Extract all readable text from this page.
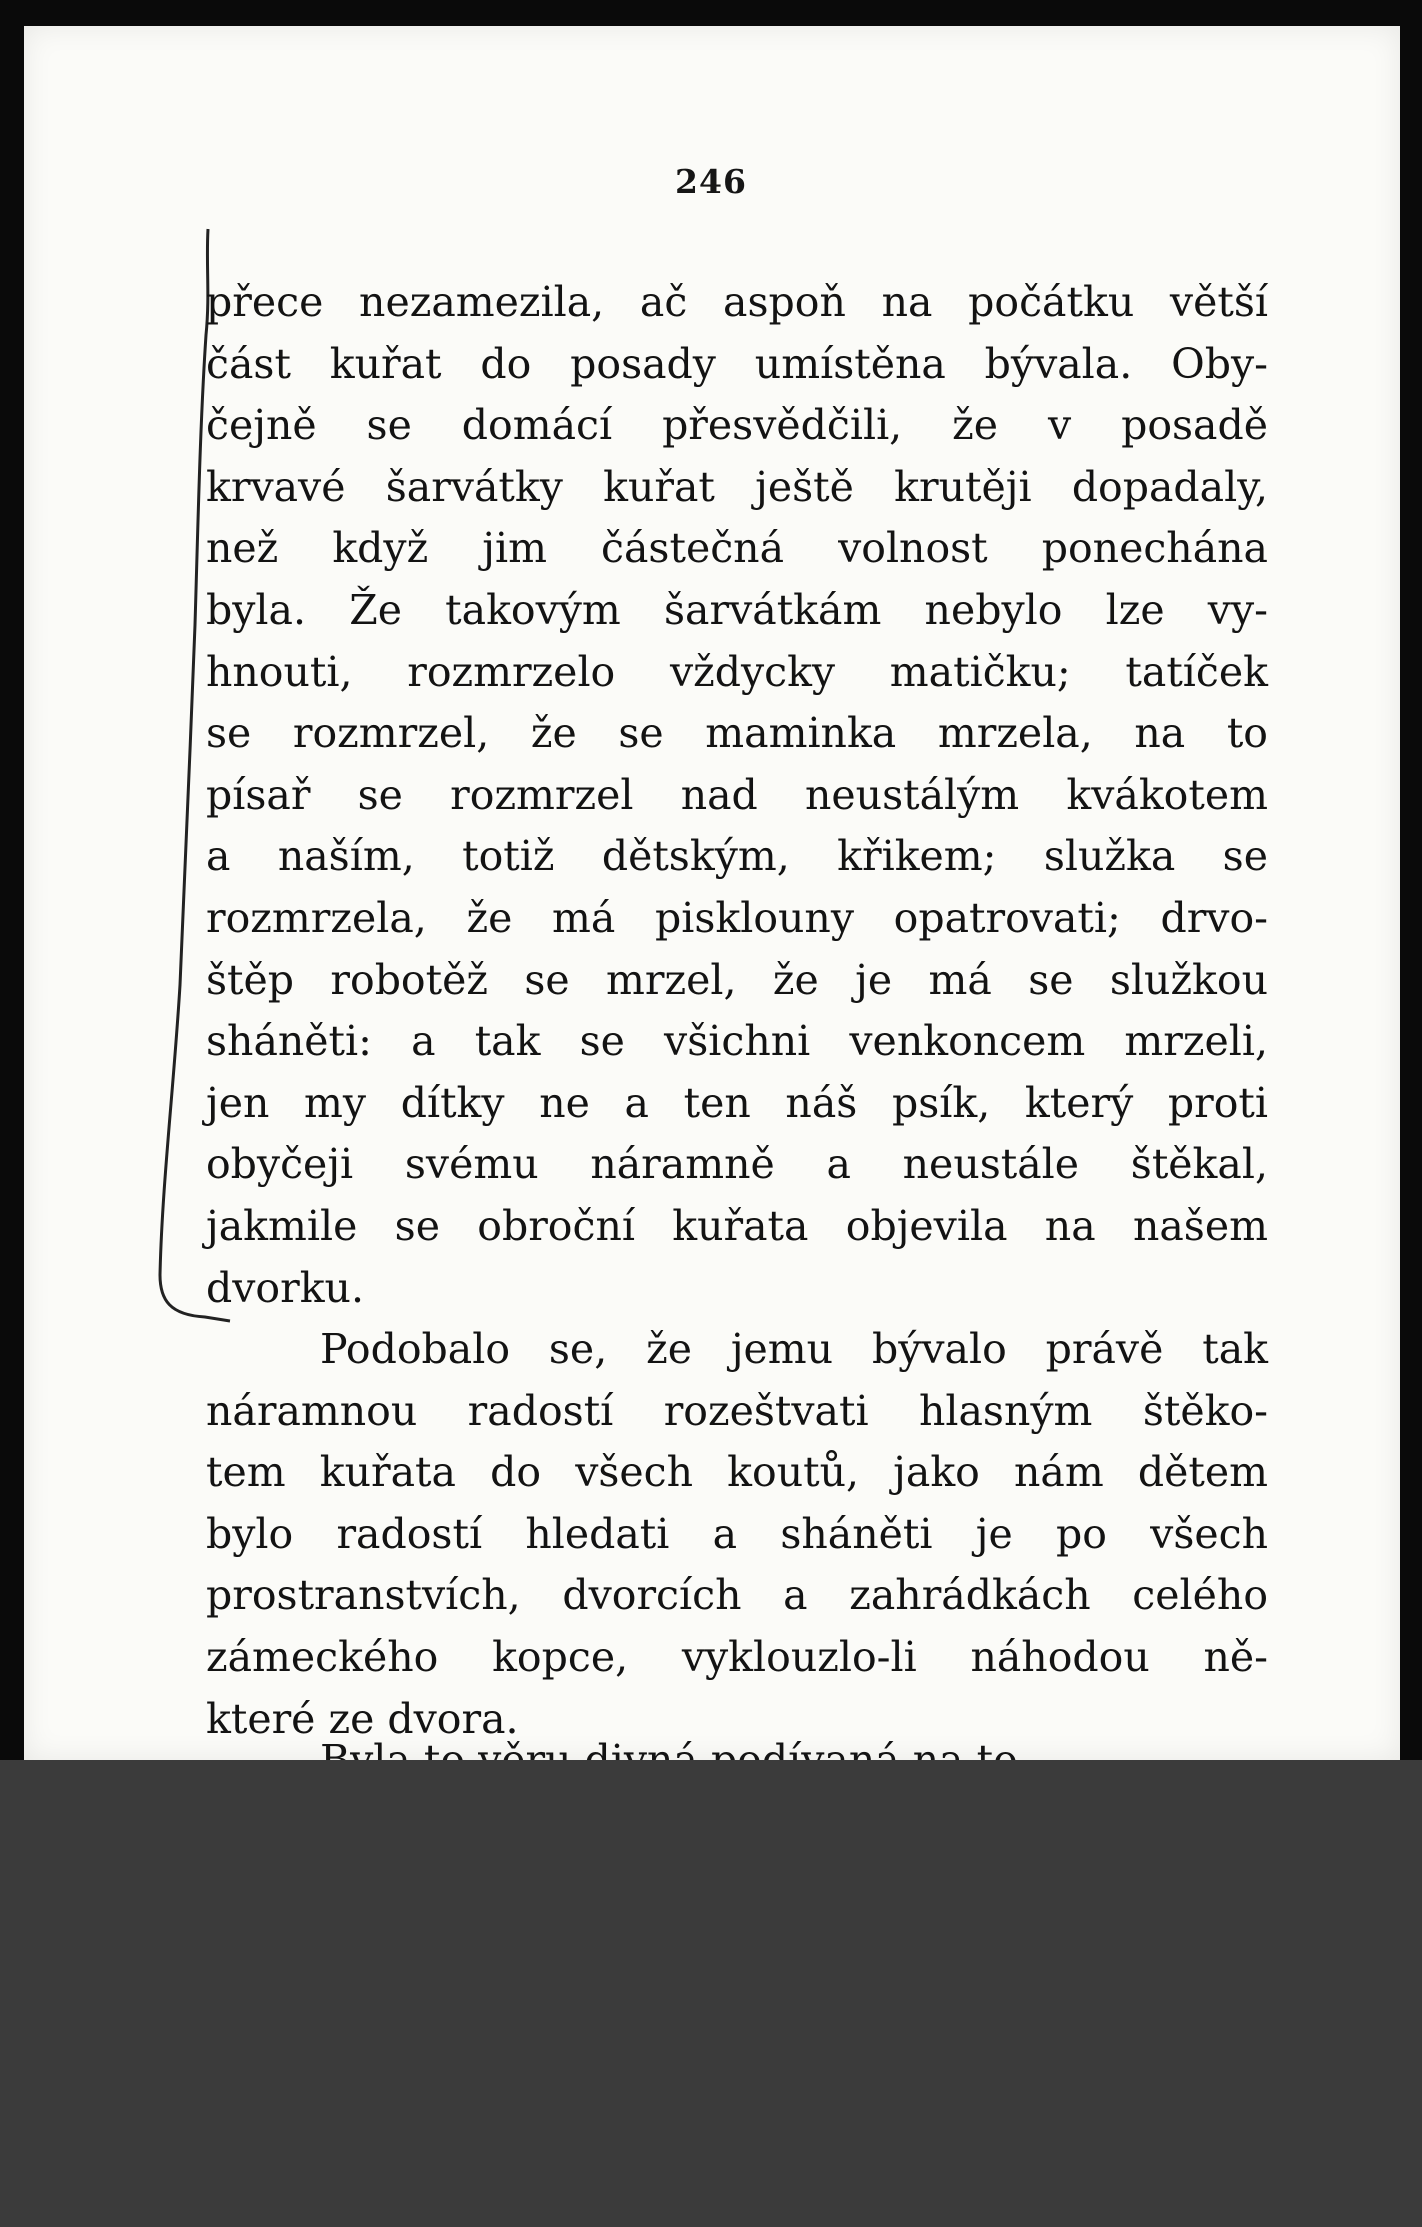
246
přece nezamezila, ač aspoň na počátku větší
část kuřat do posady umístěna bývala. Oby-
čejně se domácí přesvědčili, že v posadě
krvavé šarvátky kuřat ještě krutěji dopadaly,
než když jim částečná volnost ponechána
byla. Že takovým šarvátkám nebylo lze vy-
hnouti, rozmrzelo vždycky matičku; tatíček
se rozmrzel, že se maminka mrzela, na to
písař se rozmrzel nad neustálým kvákotem
a naším, totiž dětským, křikem; služka se
rozmrzela, že má pisklouny opatrovati; drvo-
štěp robotěž se mrzel, že je má se služkou
sháněti: a tak se všichni venkoncem mrzeli,
jen my dítky ne a ten náš psík, který proti
obyčeji svému náramně a neustále štěkal,
jakmile se obroční kuřata objevila na našem
dvorku.
Podobalo se, že jemu bývalo právě tak
náramnou radostí rozeštvati hlasným štěko-
tem kuřata do všech koutů, jako nám dětem
bylo radostí hledati a sháněti je po všech
prostranstvích, dvorcích a zahrádkách celého
zámeckého kopce, vyklouzlo-li náhodou ně-
které ze dvora.
